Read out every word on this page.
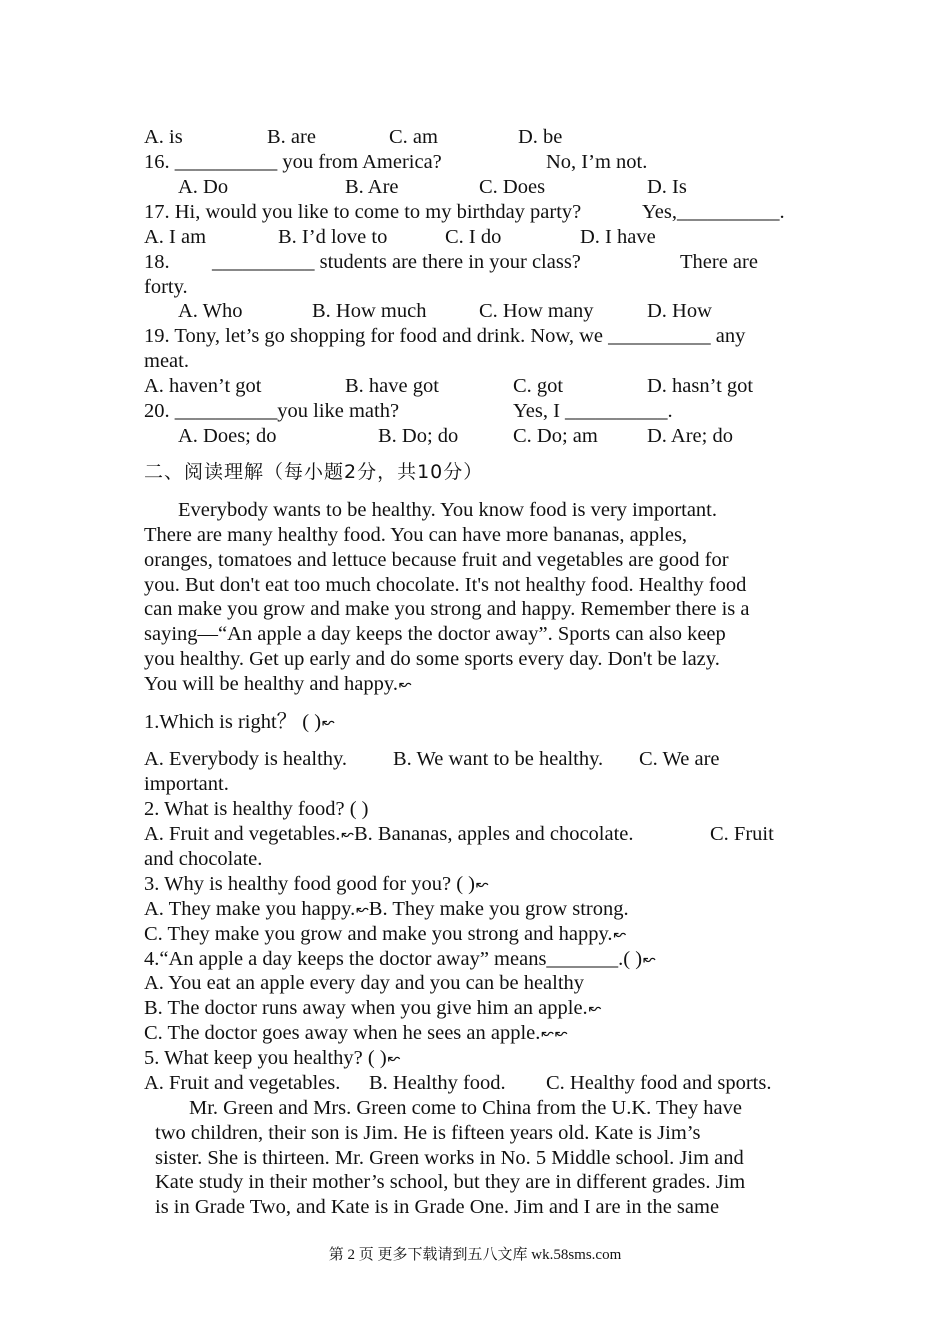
A. is	B. are	C. am	D. be
16. __________ you from America?	No, I’m not.
A. Do	B. Are	C. Does	D. Is
17. Hi, would you like to come to my birthday party?	Yes,__________.
A. I am	B. I’d love to	C. I do	D. I have
18. __________ students are there in your class?	There are
forty.
A. Who	B. How much	C. How many	D. How
19. Tony, let’s go shopping for food and drink. Now, we __________ any
meat.
A. haven’t got	B. have got	C. got	D. hasn’t got
20. __________you like math?	Yes, I __________.
A. Does; do	B. Do; do	C. Do; am D. Are; do
二、阅读理解（每小题2分，共10分）
Everybody wants to be healthy. You know food is very important.
There are many healthy food. You can have more bananas, apples,
oranges, tomatoes and lettuce because fruit and vegetables are good for
you. But don't eat too much chocolate. It's not healthy food. Healthy food
can make you grow and make you strong and happy. Remember there is a
saying—“An apple a day keeps the doctor away”. Sports can also keep
you healthy. Get up early and do some sports every day. Don't be lazy.
You will be healthy and happy.↜
1.Which is right？ ( )↜
A. Everybody is healthy. B. We want to be healthy. C. We are
important.
2. What is healthy food? ( )
A. Fruit and vegetables.↜B. Bananas, apples and chocolate.	C. Fruit
and chocolate.
3. Why is healthy food good for you? ( )↜
A. They make you happy.↜B. They make you grow strong.
C. They make you grow and make you strong and happy.↜
4.“An apple a day keeps the doctor away” means_______.( )↜
A. You eat an apple every day and you can be healthy
B. The doctor runs away when you give him an apple.↜
C. The doctor goes away when he sees an apple.↜↜
5. What keep you healthy? ( )↜
A. Fruit and vegetables. B. Healthy food. C. Healthy food and sports.
Mr. Green and Mrs. Green come to China from the U.K. They have
two children, their son is Jim. He is fifteen years old. Kate is Jim’s
sister. She is thirteen. Mr. Green works in No. 5 Middle school. Jim and
Kate study in their mother’s school, but they are in different grades. Jim
is in Grade Two, and Kate is in Grade One. Jim and I are in the same
第 2 页 更多下载请到五八文库 wk.58sms.com
